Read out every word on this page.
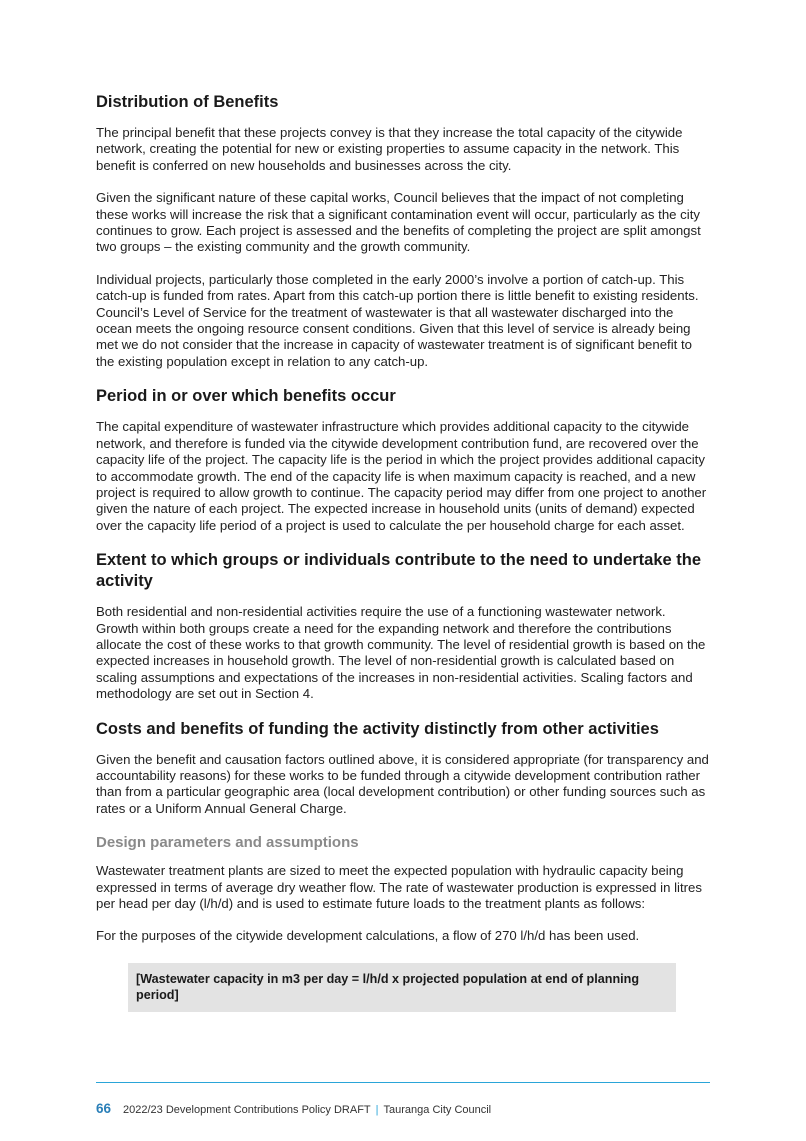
Distribution of Benefits

The principal benefit that these projects convey is that they increase the total capacity of the citywide network, creating the potential for new or existing properties to assume capacity in the network. This benefit is conferred on new households and businesses across the city.

Given the significant nature of these capital works, Council believes that the impact of not completing these works will increase the risk that a significant contamination event will occur, particularly as the city continues to grow. Each project is assessed and the benefits of completing the project are split amongst two groups – the existing community and the growth community.

Individual projects, particularly those completed in the early 2000’s involve a portion of catch-up. This catch-up is funded from rates. Apart from this catch-up portion there is little benefit to existing residents. Council’s Level of Service for the treatment of wastewater is that all wastewater discharged into the ocean meets the ongoing resource consent conditions. Given that this level of service is already being met we do not consider that the increase in capacity of wastewater treatment is of significant benefit to the existing population except in relation to any catch-up.

Period in or over which benefits occur

The capital expenditure of wastewater infrastructure which provides additional capacity to the citywide network, and therefore is funded via the citywide development contribution fund, are recovered over the capacity life of the project. The capacity life is the period in which the project provides additional capacity to accommodate growth. The end of the capacity life is when maximum capacity is reached, and a new project is required to allow growth to continue. The capacity period may differ from one project to another given the nature of each project. The expected increase in household units (units of demand) expected over the capacity life period of a project is used to calculate the per household charge for each asset.

Extent to which groups or individuals contribute to the need to undertake the activity

Both residential and non-residential activities require the use of a functioning wastewater network. Growth within both groups create a need for the expanding network and therefore the contributions allocate the cost of these works to that growth community. The level of residential growth is based on the expected increases in household growth. The level of non-residential growth is calculated based on scaling assumptions and expectations of the increases in non-residential activities. Scaling factors and methodology are set out in Section 4.

Costs and benefits of funding the activity distinctly from other activities

Given the benefit and causation factors outlined above, it is considered appropriate (for transparency and accountability reasons) for these works to be funded through a citywide development contribution rather than from a particular geographic area (local development contribution) or other funding sources such as rates or a Uniform Annual General Charge.

Design parameters and assumptions

Wastewater treatment plants are sized to meet the expected population with hydraulic capacity being expressed in terms of average dry weather flow. The rate of wastewater production is expressed in litres per head per day (l/h/d) and is used to estimate future loads to the treatment plants as follows:

For the purposes of the citywide development calculations, a flow of 270 l/h/d has been used.

[Wastewater capacity in m3 per day = l/h/d x projected population at end of planning period]
66 2022/23 Development Contributions Policy DRAFT | Tauranga City Council
